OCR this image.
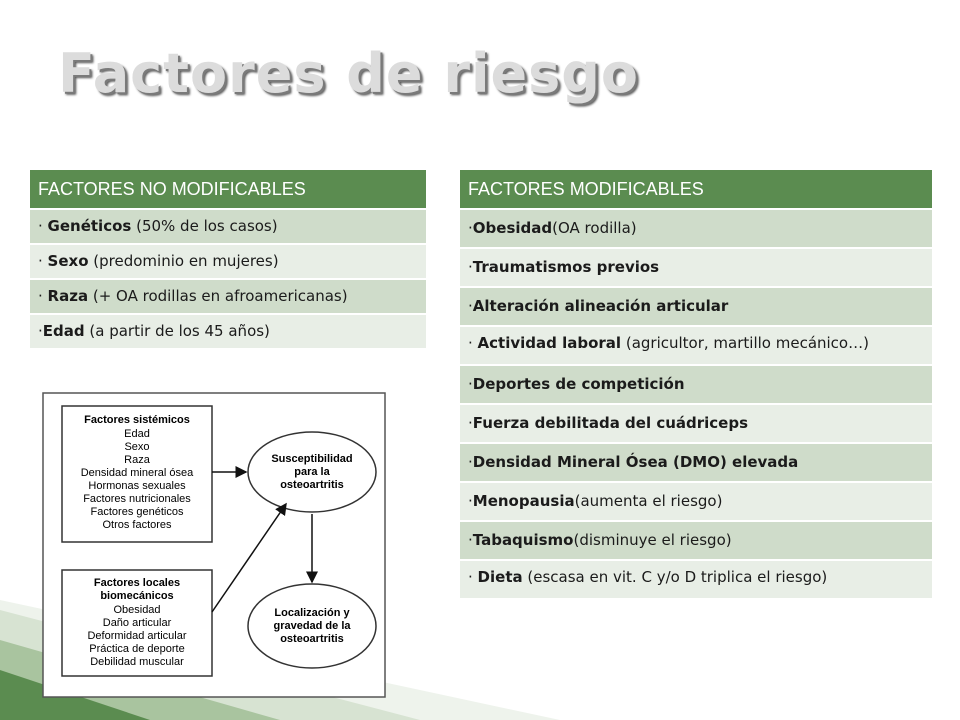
Factores de riesgo
FACTORES NO MODIFICABLES
· Genéticos (50% de los casos)
· Sexo (predominio en mujeres)
· Raza (+ OA rodillas en afroamericanas)
·Edad (a partir de los 45 años)
FACTORES MODIFICABLES
· Obesidad (OA rodilla)
· Traumatismos previos
· Alteración alineación articular
· Actividad laboral (agricultor, martillo mecánico…)
· Deportes de competición
· Fuerza debilitada del cuádriceps
· Densidad Mineral Ósea (DMO) elevada
· Menopausia (aumenta el riesgo)
· Tabaquismo (disminuye el riesgo)
· Dieta (escasa en vit. C y/o D triplica el riesgo)
Factores sistémicos
Edad
Sexo
Raza
Densidad mineral ósea
Hormonas sexuales
Factores nutricionales
Factores genéticos
Otros factores
Factores locales
biomecánicos
Obesidad
Daño articular
Deformidad articular
Práctica de deporte
Debilidad muscular
Susceptibilidad
para la
osteoartritis
Localización y
gravedad de la
osteoartritis
